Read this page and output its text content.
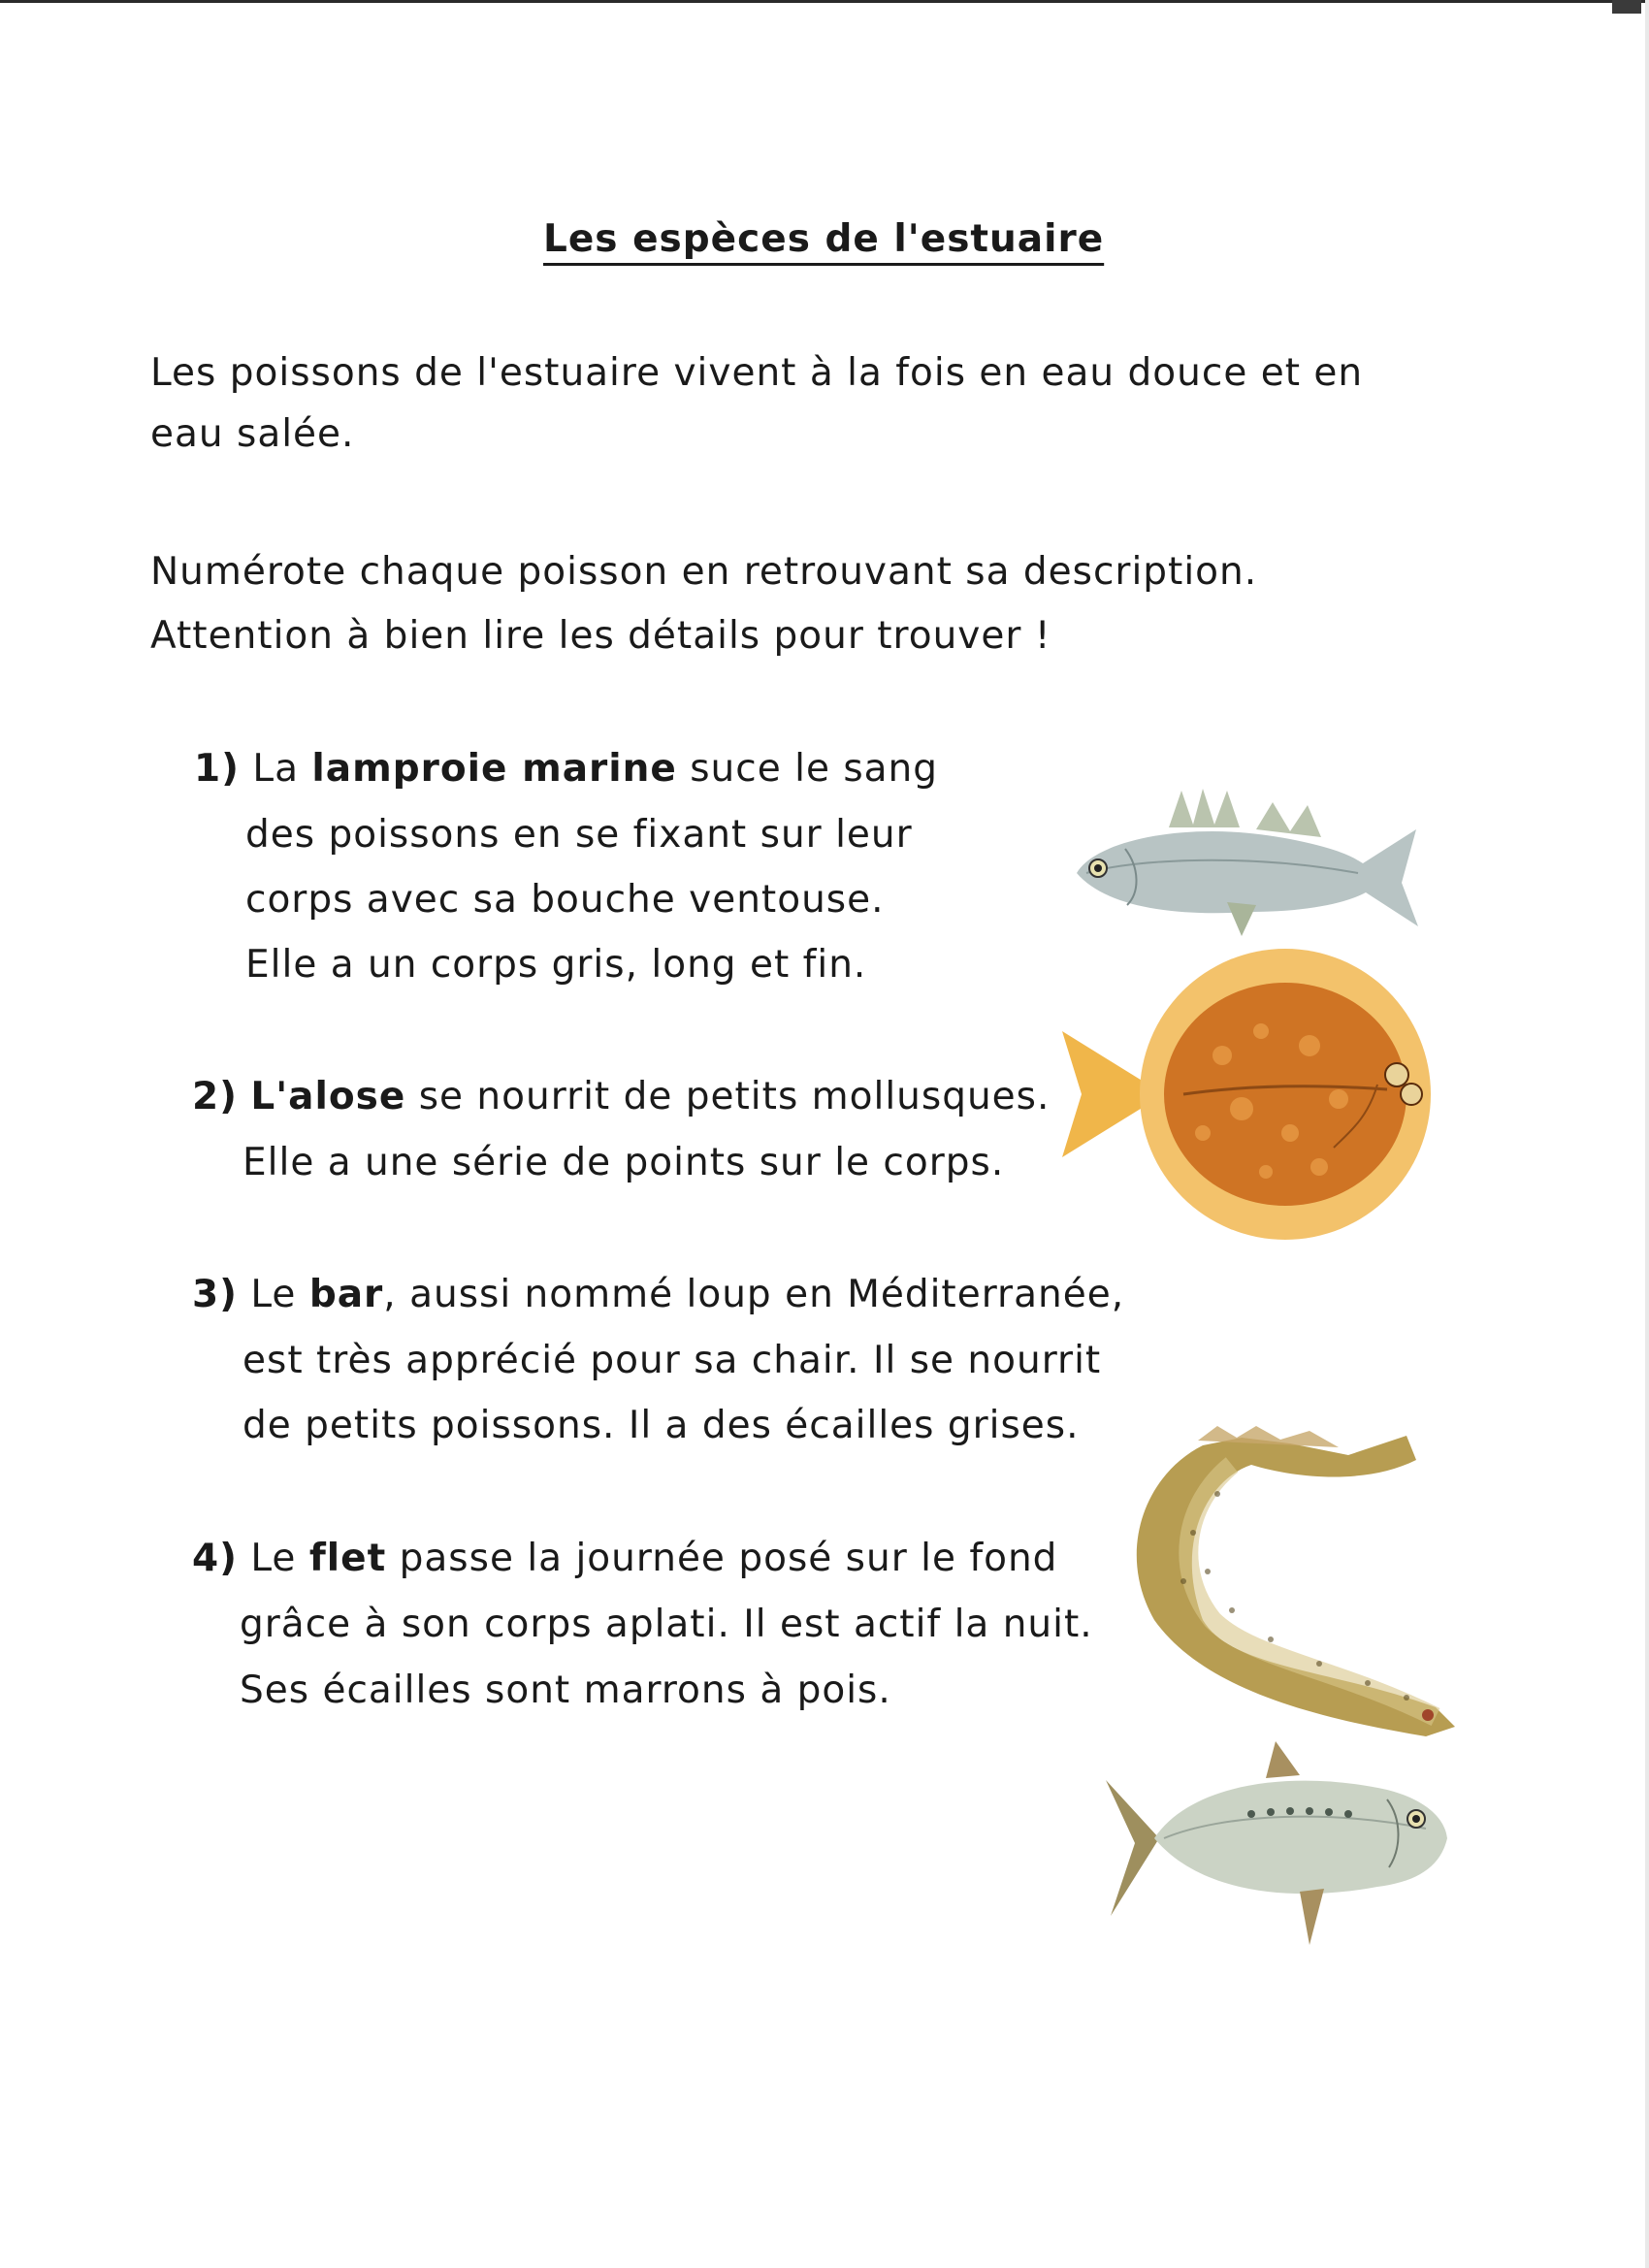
Les espèces de l'estuaire

Les poissons de l'estuaire vivent à la fois en eau douce et en

eau salée.

Numérote chaque poisson en retrouvant sa description.

Attention à bien lire les détails pour trouver !

1) La lamproie marine suce le sang

des poissons en se fixant sur leur

corps avec sa bouche ventouse.

Elle a un corps gris, long et fin.

2) L'alose se nourrit de petits mollusques.

Elle a une série de points sur le corps.

3) Le bar, aussi nommé loup en Méditerranée,

est très apprécié pour sa chair. Il se nourrit

de petits poissons. Il a des écailles grises.

4) Le flet passe la journée posé sur le fond

grâce à son corps aplati. Il est actif la nuit.

Ses écailles sont marrons à pois.
